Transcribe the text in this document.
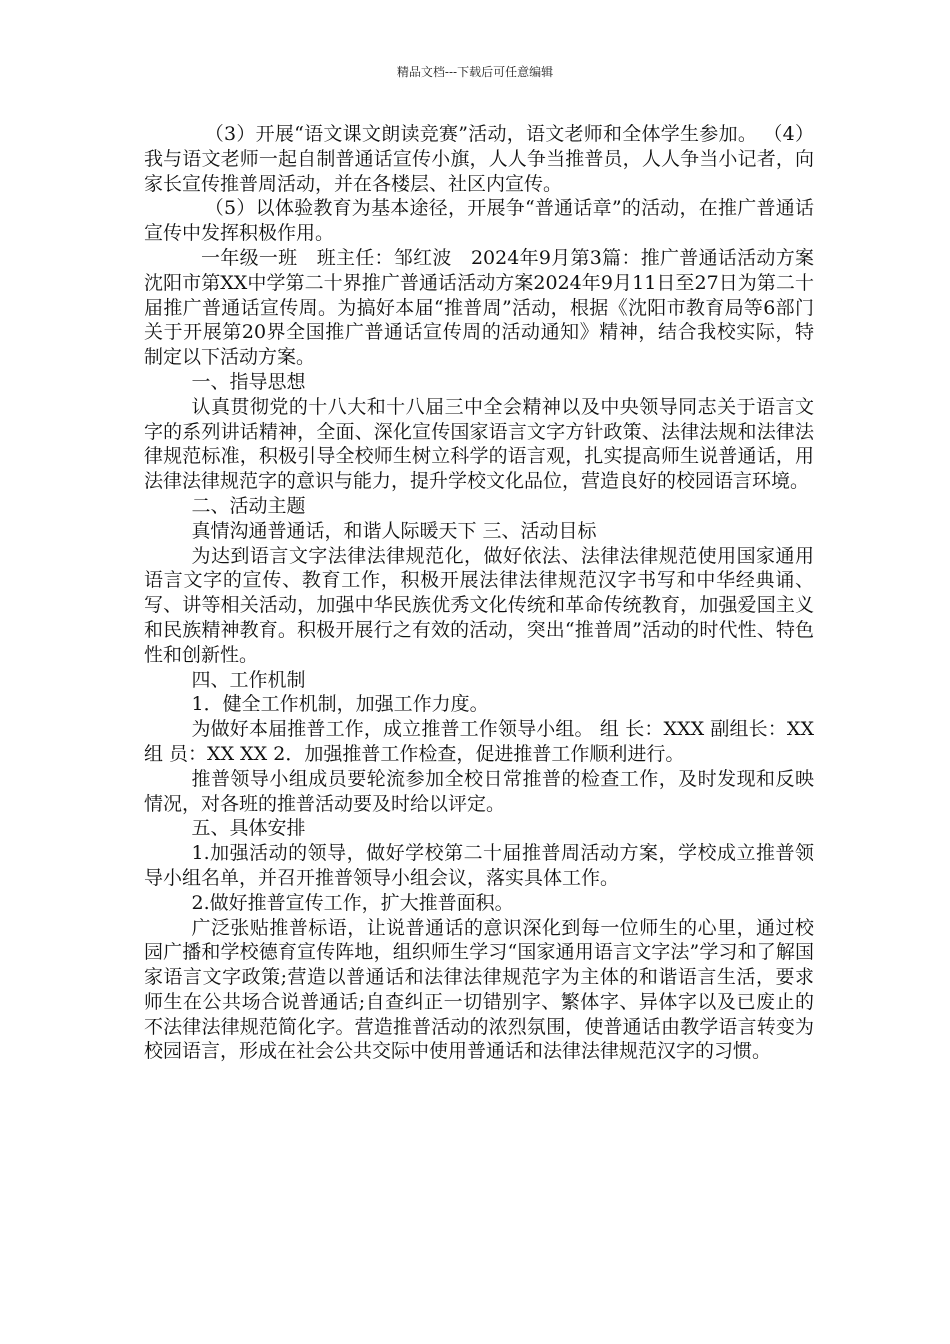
精品文档---下载后可任意编辑

（3）开展“语文课文朗读竞赛”活动，语文老师和全体学生参加。 （4）我与语文老师一起自制普通话宣传小旗，人人争当推普员，人人争当小记者，向家长宣传推普周活动，并在各楼层、社区内宣传。

（5）以体验教育为基本途径，开展争“普通话章”的活动，在推广普通话宣传中发挥积极作用。

一年级一班　班主任：邹红波　2024年9月第3篇：推广普通话活动方案 沈阳市第XX中学第二十界推广普通话活动方案2024年9月11日至27日为第二十届推广普通话宣传周。为搞好本届“推普周”活动，根据《沈阳市教育局等6部门关于开展第20界全国推广普通话宣传周的活动通知》精神，结合我校实际，特制定以下活动方案。

一、指导思想

认真贯彻党的十八大和十八届三中全会精神以及中央领导同志关于语言文字的系列讲话精神，全面、深化宣传国家语言文字方针政策、法律法规和法律法律规范标准，积极引导全校师生树立科学的语言观，扎实提高师生说普通话，用法律法律规范字的意识与能力，提升学校文化品位，营造良好的校园语言环境。

二、活动主题

真情沟通普通话，和谐人际暖天下 三、活动目标

为达到语言文字法律法律规范化，做好依法、法律法律规范使用国家通用语言文字的宣传、教育工作，积极开展法律法律规范汉字书写和中华经典诵、写、讲等相关活动，加强中华民族优秀文化传统和革命传统教育，加强爱国主义和民族精神教育。积极开展行之有效的活动，突出“推普周”活动的时代性、特色性和创新性。

四、工作机制

1．健全工作机制，加强工作力度。

为做好本届推普工作，成立推普工作领导小组。 组 长：XXX 副组长：XX 组 员：XX XX 2．加强推普工作检查，促进推普工作顺利进行。

推普领导小组成员要轮流参加全校日常推普的检查工作，及时发现和反映情况，对各班的推普活动要及时给以评定。

五、具体安排

1.加强活动的领导，做好学校第二十届推普周活动方案，学校成立推普领导小组名单，并召开推普领导小组会议，落实具体工作。

2.做好推普宣传工作，扩大推普面积。

广泛张贴推普标语，让说普通话的意识深化到每一位师生的心里，通过校园广播和学校德育宣传阵地，组织师生学习“国家通用语言文字法”学习和了解国家语言文字政策;营造以普通话和法律法律规范字为主体的和谐语言生活，要求师生在公共场合说普通话;自查纠正一切错别字、繁体字、异体字以及已废止的不法律法律规范简化字。营造推普活动的浓烈氛围，使普通话由教学语言转变为校园语言，形成在社会公共交际中使用普通话和法律法律规范汉字的习惯。
